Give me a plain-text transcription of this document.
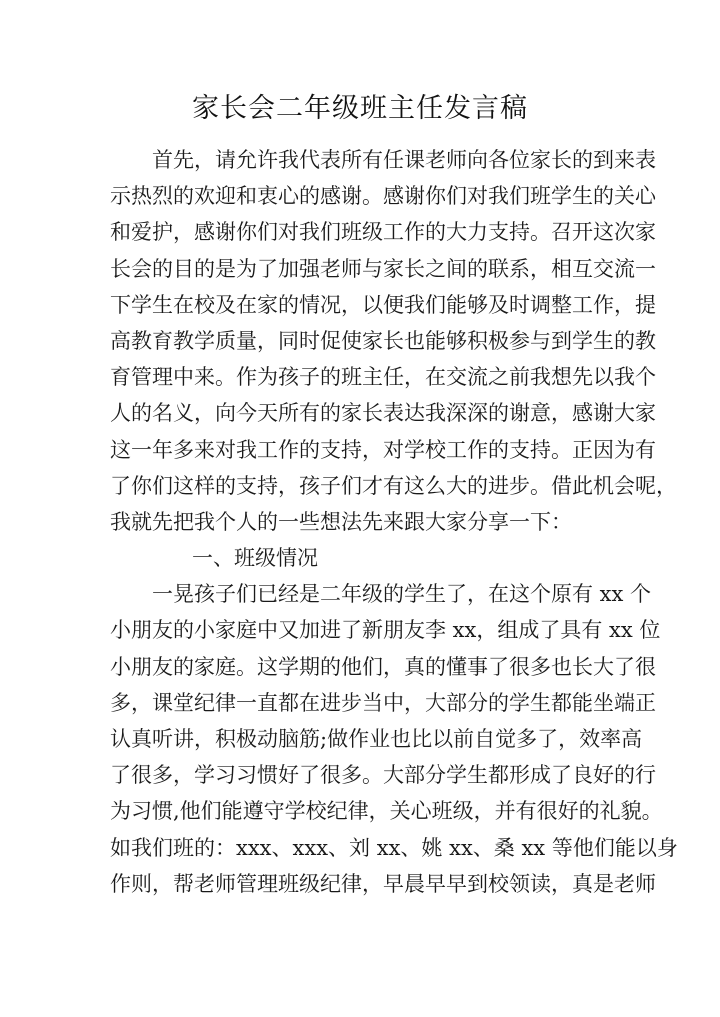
家长会二年级班主任发言稿
首先，请允许我代表所有任课老师向各位家长的到来表
示热烈的欢迎和衷心的感谢。感谢你们对我们班学生的关心
和爱护，感谢你们对我们班级工作的大力支持。召开这次家
长会的目的是为了加强老师与家长之间的联系，相互交流一
下学生在校及在家的情况，以便我们能够及时调整工作，提
高教育教学质量，同时促使家长也能够积极参与到学生的教
育管理中来。作为孩子的班主任，在交流之前我想先以我个
人的名义，向今天所有的家长表达我深深的谢意，感谢大家
这一年多来对我工作的支持，对学校工作的支持。正因为有
了你们这样的支持，孩子们才有这么大的进步。借此机会呢，
我就先把我个人的一些想法先来跟大家分享一下：
一、班级情况
一晃孩子们已经是二年级的学生了，在这个原有 xx 个
小朋友的小家庭中又加进了新朋友李 xx，组成了具有 xx 位
小朋友的家庭。这学期的他们，真的懂事了很多也长大了很
多，课堂纪律一直都在进步当中，大部分的学生都能坐端正
认真听讲，积极动脑筋;做作业也比以前自觉多了，效率高
了很多，学习习惯好了很多。大部分学生都形成了良好的行
为习惯,他们能遵守学校纪律，关心班级，并有很好的礼貌。
如我们班的：xxx、xxx、刘 xx、姚 xx、桑 xx 等他们能以身
作则，帮老师管理班级纪律，早晨早早到校领读，真是老师
